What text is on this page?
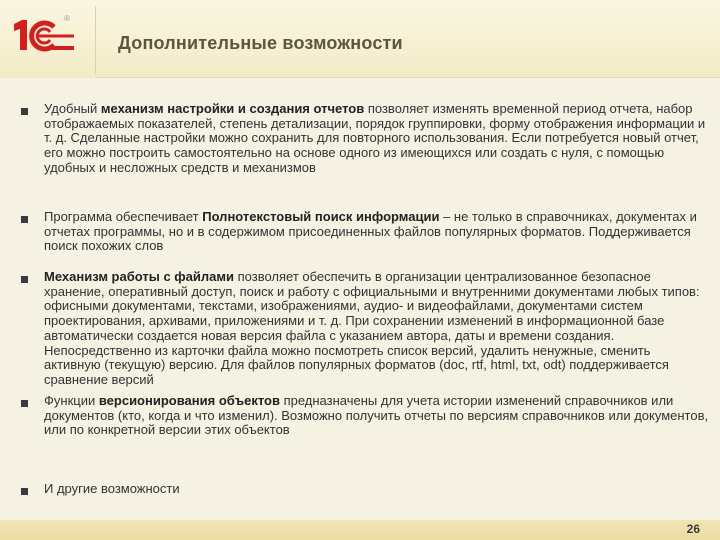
®
Дополнительные возможности

Удобный механизм настройки и создания отчетов позволяет изменять временной период отчета, набор отображаемых показателей, степень детализации, порядок группировки, форму отображения информации и т. д. Сделанные настройки можно сохранить для повторного использования. Если потребуется новый отчет, его можно построить самостоятельно на основе одного из имеющихся или создать с нуля, с помощью удобных и несложных средств и механизмов

Программа обеспечивает Полнотекстовый поиск информации – не только в справочниках, документах и отчетах программы, но и в содержимом присоединенных файлов популярных форматов. Поддерживается поиск похожих слов

Механизм работы с файлами позволяет обеспечить в организации централизованное безопасное хранение, оперативный доступ, поиск и работу с официальными и внутренними документами любых типов: офисными документами, текстами, изображениями, аудио- и видеофайлами, документами систем проектирования, архивами, приложениями и т. д. При сохранении изменений в информационной базе автоматически создается новая версия файла с указанием автора, даты и времени создания. Непосредственно из карточки файла можно посмотреть список версий, удалить ненужные, сменить активную (текущую) версию. Для файлов популярных форматов (doc, rtf, html, txt, odt) поддерживается сравнение версий

Функции версионирования объектов предназначены для учета истории изменений справочников или документов (кто, когда и что изменил). Возможно получить отчеты по версиям справочников или документов, или по конкретной версии этих объектов

И другие возможности

26
